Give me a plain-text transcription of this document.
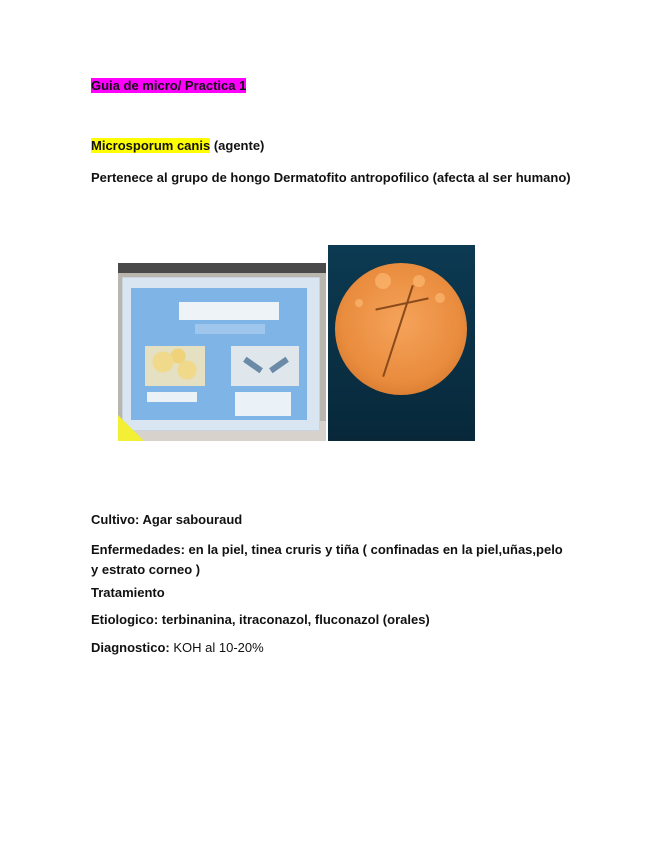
Guia de micro/ Practica 1
Microsporum canis (agente)
Pertenece al grupo de hongo Dermatofito antropofilico (afecta al ser humano)
Cultivo: Agar sabouraud
Enfermedades: en la piel, tinea cruris y tiña ( confinadas en la piel,uñas,pelo y estrato corneo )
Tratamiento
Etiologico: terbinanina, itraconazol, fluconazol (orales)
Diagnostico: KOH al 10-20%
